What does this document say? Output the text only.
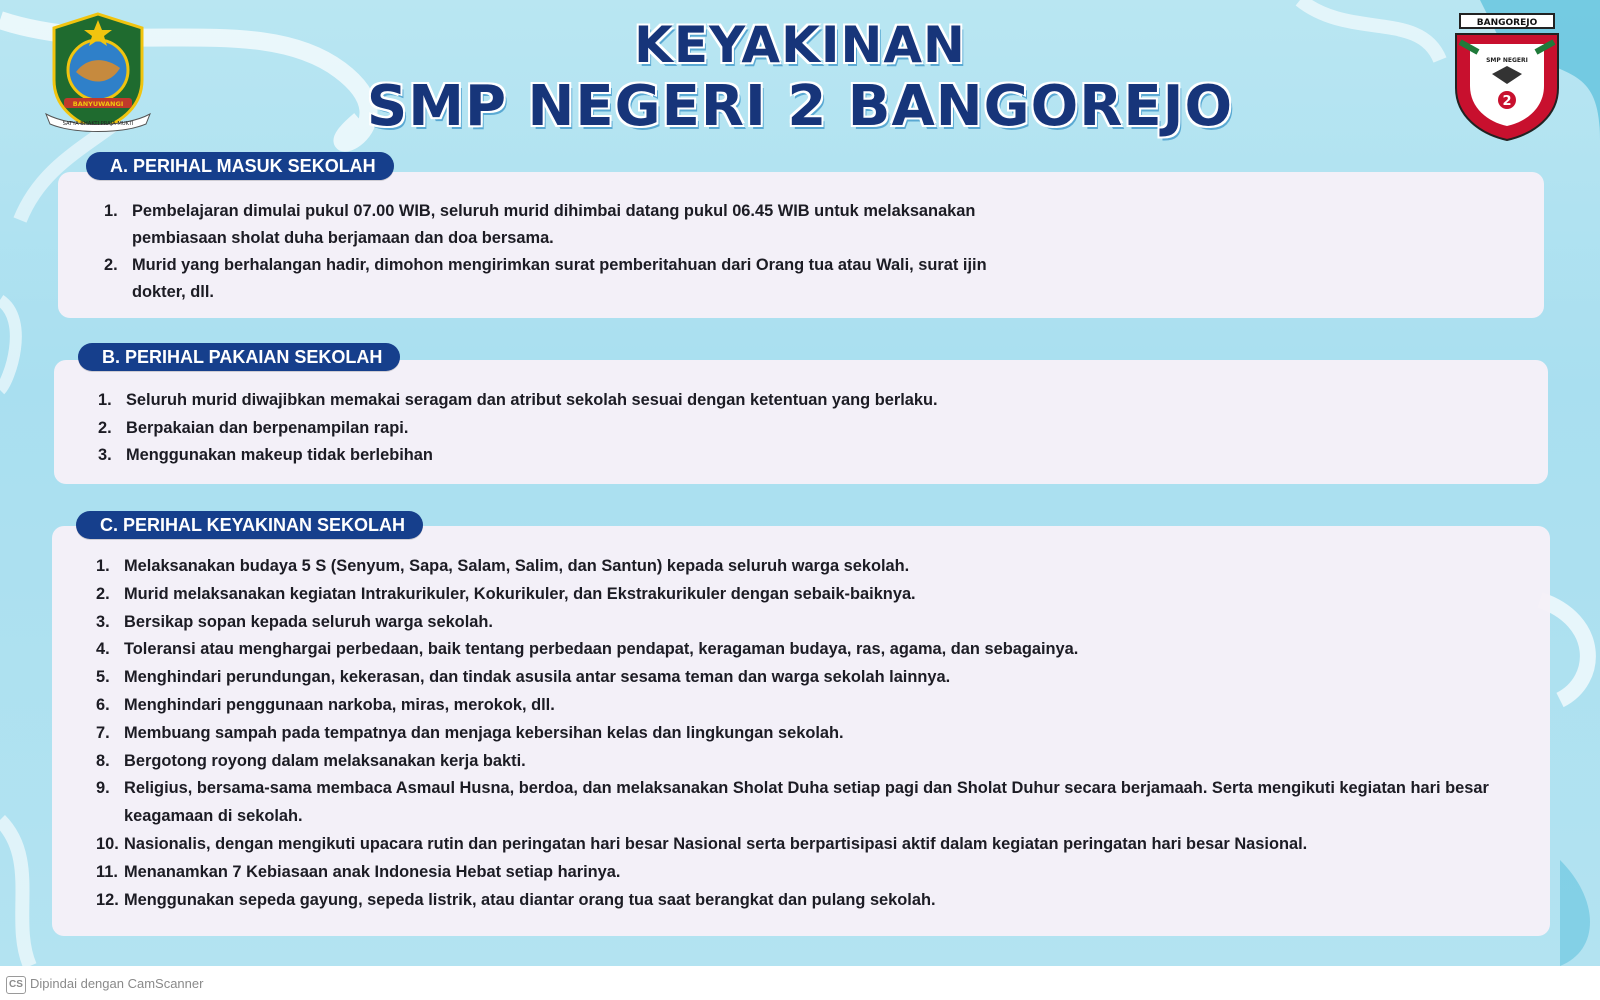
BANYUWANGI
SATYA BHAKTI PRAJA MUKTI
BANGOREJO
SMP NEGERI
2
KEYAKINAN
SMP NEGERI 2 BANGOREJO
A. PERIHAL MASUK SEKOLAH
1. Pembelajaran dimulai pukul 07.00 WIB, seluruh murid dihimbai datang pukul 06.45 WIB untuk melaksanakan pembiasaan sholat duha berjamaan dan doa bersama.
2. Murid yang berhalangan hadir, dimohon mengirimkan surat pemberitahuan dari Orang tua atau Wali, surat ijin dokter, dll.
B. PERIHAL PAKAIAN SEKOLAH
1. Seluruh murid diwajibkan memakai seragam dan atribut sekolah sesuai dengan ketentuan yang berlaku.
2. Berpakaian dan berpenampilan rapi.
3. Menggunakan makeup tidak berlebihan
C. PERIHAL KEYAKINAN SEKOLAH
1. Melaksanakan budaya 5 S (Senyum, Sapa, Salam, Salim, dan Santun) kepada seluruh warga sekolah.
2. Murid melaksanakan kegiatan Intrakurikuler, Kokurikuler, dan Ekstrakurikuler dengan sebaik-baiknya.
3. Bersikap sopan kepada seluruh warga sekolah.
4. Toleransi atau menghargai perbedaan, baik tentang perbedaan pendapat, keragaman budaya, ras, agama, dan sebagainya.
5. Menghindari perundungan, kekerasan, dan tindak asusila antar sesama teman dan warga sekolah lainnya.
6. Menghindari penggunaan narkoba, miras, merokok, dll.
7. Membuang sampah pada tempatnya dan menjaga kebersihan kelas dan lingkungan sekolah.
8. Bergotong royong dalam melaksanakan kerja bakti.
9. Religius, bersama-sama membaca Asmaul Husna, berdoa, dan melaksanakan Sholat Duha setiap pagi dan Sholat Duhur secara berjamaah. Serta mengikuti kegiatan hari besar keagamaan di sekolah.
10. Nasionalis, dengan mengikuti upacara rutin dan peringatan hari besar Nasional serta berpartisipasi aktif dalam kegiatan peringatan hari besar Nasional.
11. Menanamkan 7 Kebiasaan anak Indonesia Hebat setiap harinya.
12. Menggunakan sepeda gayung, sepeda listrik, atau diantar orang tua saat berangkat dan pulang sekolah.
CS Dipindai dengan CamScanner
